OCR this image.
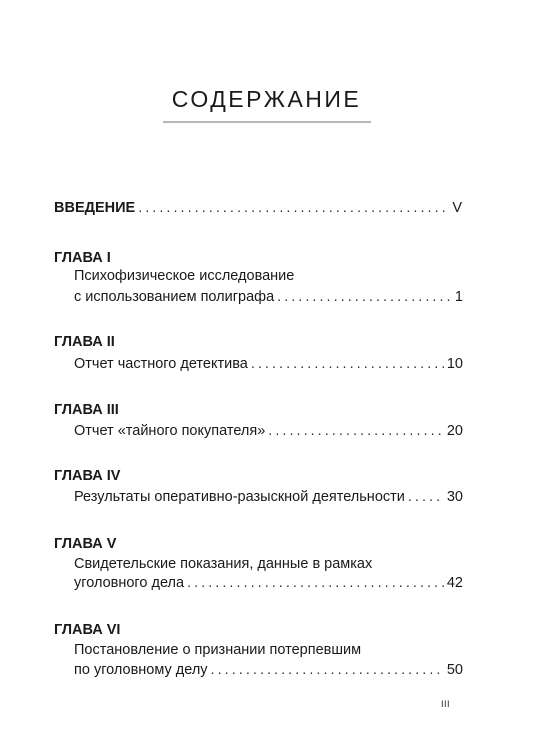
СОДЕРЖАНИЕ
ВВЕДЕНИЕ . . .	V
ГЛАВА I
Психофизическое исследование
с использованием полиграфа . . .	1
ГЛАВА II
Отчет частного детектива . . .	10
ГЛАВА III
Отчет «тайного покупателя» . . .	20
ГЛАВА IV
Результаты оперативно-разыскной деятельности . . .	30
ГЛАВА V
Свидетельские показания, данные в рамках
уголовного дела . . .	42
ГЛАВА VI
Постановление о признании потерпевшим
по уголовному делу . . .	50
III
